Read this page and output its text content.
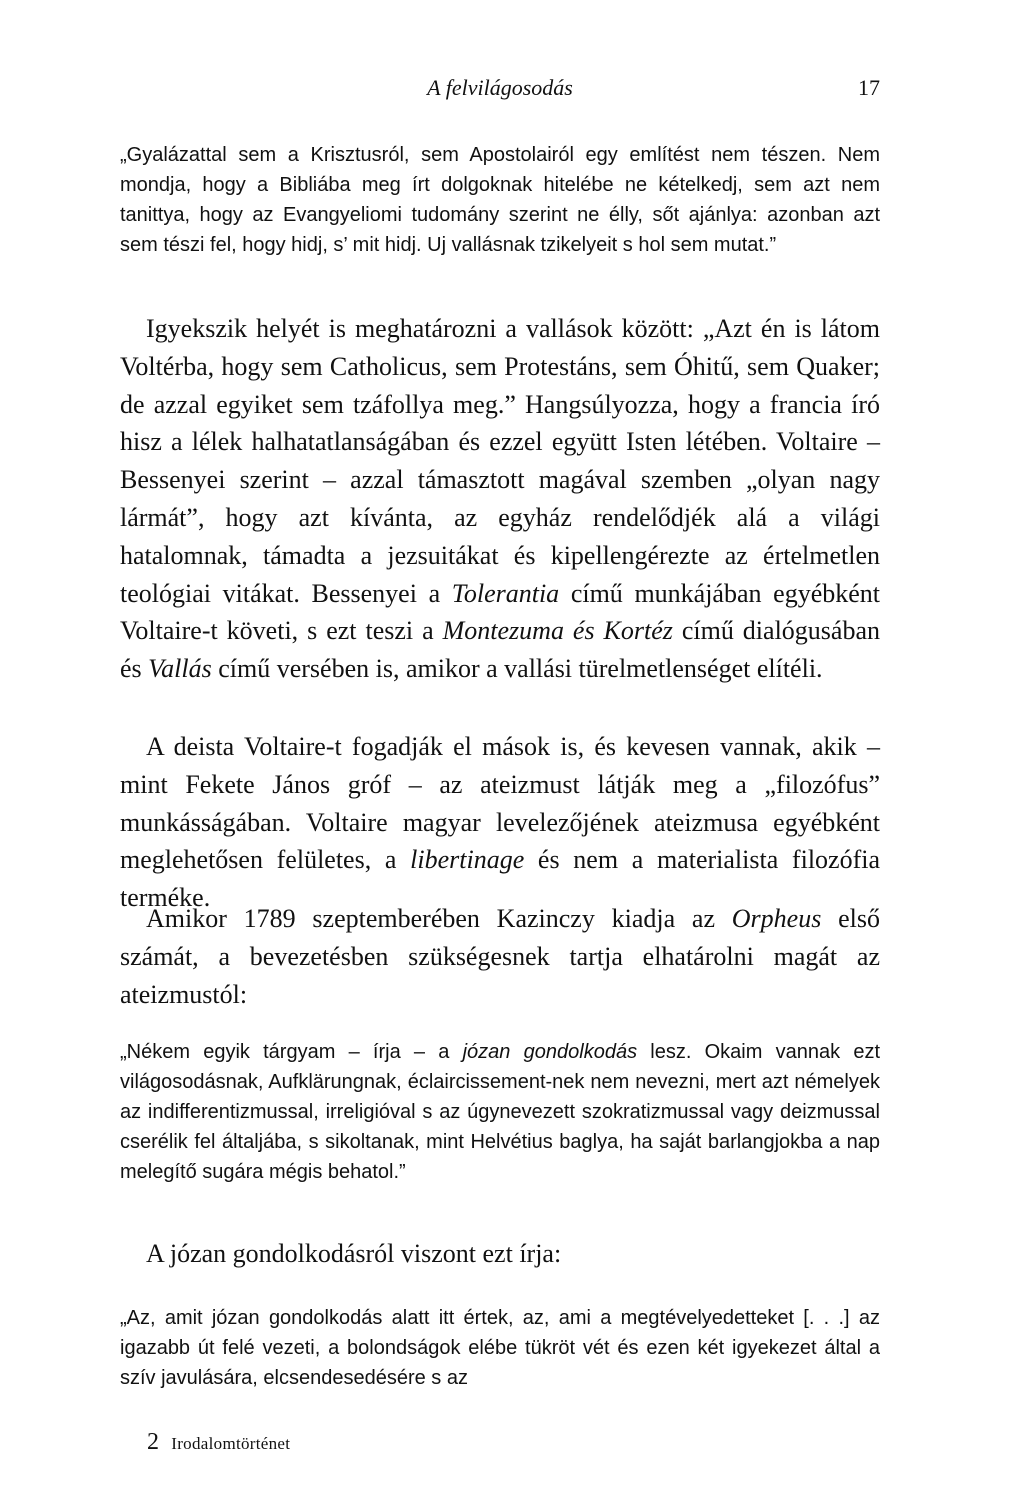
A felvilágosodás	17

„Gyalázattal sem a Krisztusról, sem Apostolairól egy említést nem tészen. Nem mondja, hogy a Bibliába meg írt dolgoknak hitelébe ne kételkedj, sem azt nem tanittya, hogy az Evangyeliomi tudomány szerint ne élly, sőt ajánlya: azonban azt sem tészi fel, hogy hidj, s’ mit hidj. Uj vallásnak tzikelyeit s hol sem mutat.”

Igyekszik helyét is meghatározni a vallások között: „Azt én is látom Voltérba, hogy sem Catholicus, sem Protestáns, sem Óhitű, sem Quaker; de azzal egyiket sem tzáfollya meg.” Hangsúlyozza, hogy a francia író hisz a lélek halhatatlanságában és ezzel együtt Isten létében. Voltaire – Bessenyei szerint – azzal támasztott magával szemben „olyan nagy lármát”, hogy azt kívánta, az egyház rendelődjék alá a világi hatalomnak, támadta a jezsuitákat és kipellengérezte az értelmetlen teológiai vitákat. Bessenyei a Tolerantia című munkájában egyébként Voltaire-t követi, s ezt teszi a Montezuma és Kortéz című dialógusában és Vallás című versében is, amikor a vallási türelmetlenséget elítéli.

A deista Voltaire-t fogadják el mások is, és kevesen vannak, akik – mint Fekete János gróf – az ateizmust látják meg a „filozófus” munkásságában. Voltaire magyar levelezőjének ateizmusa egyébként meglehetősen felületes, a libertinage és nem a materialista filozófia terméke.

Amikor 1789 szeptemberében Kazinczy kiadja az Orpheus első számát, a bevezetésben szükségesnek tartja elhatárolni magát az ateizmustól:

„Nékem egyik tárgyam – írja – a józan gondolkodás lesz. Okaim vannak ezt világosodásnak, Aufklärungnak, éclaircissement-nek nem nevezni, mert azt némelyek az indifferentizmussal, irreligióval s az úgynevezett szokratizmussal vagy deizmussal cserélik fel általjába, s sikoltanak, mint Helvétius baglya, ha saját barlangjokba a nap melegítő sugára mégis behatol.”

A józan gondolkodásról viszont ezt írja:

„Az, amit józan gondolkodás alatt itt értek, az, ami a megtévelyedetteket [. . .] az igazabb út felé vezeti, a bolondságok elébe tükröt vét és ezen két igyekezet által a szív javulására, elcsendesedésére s az

2 Irodalomtörténet
